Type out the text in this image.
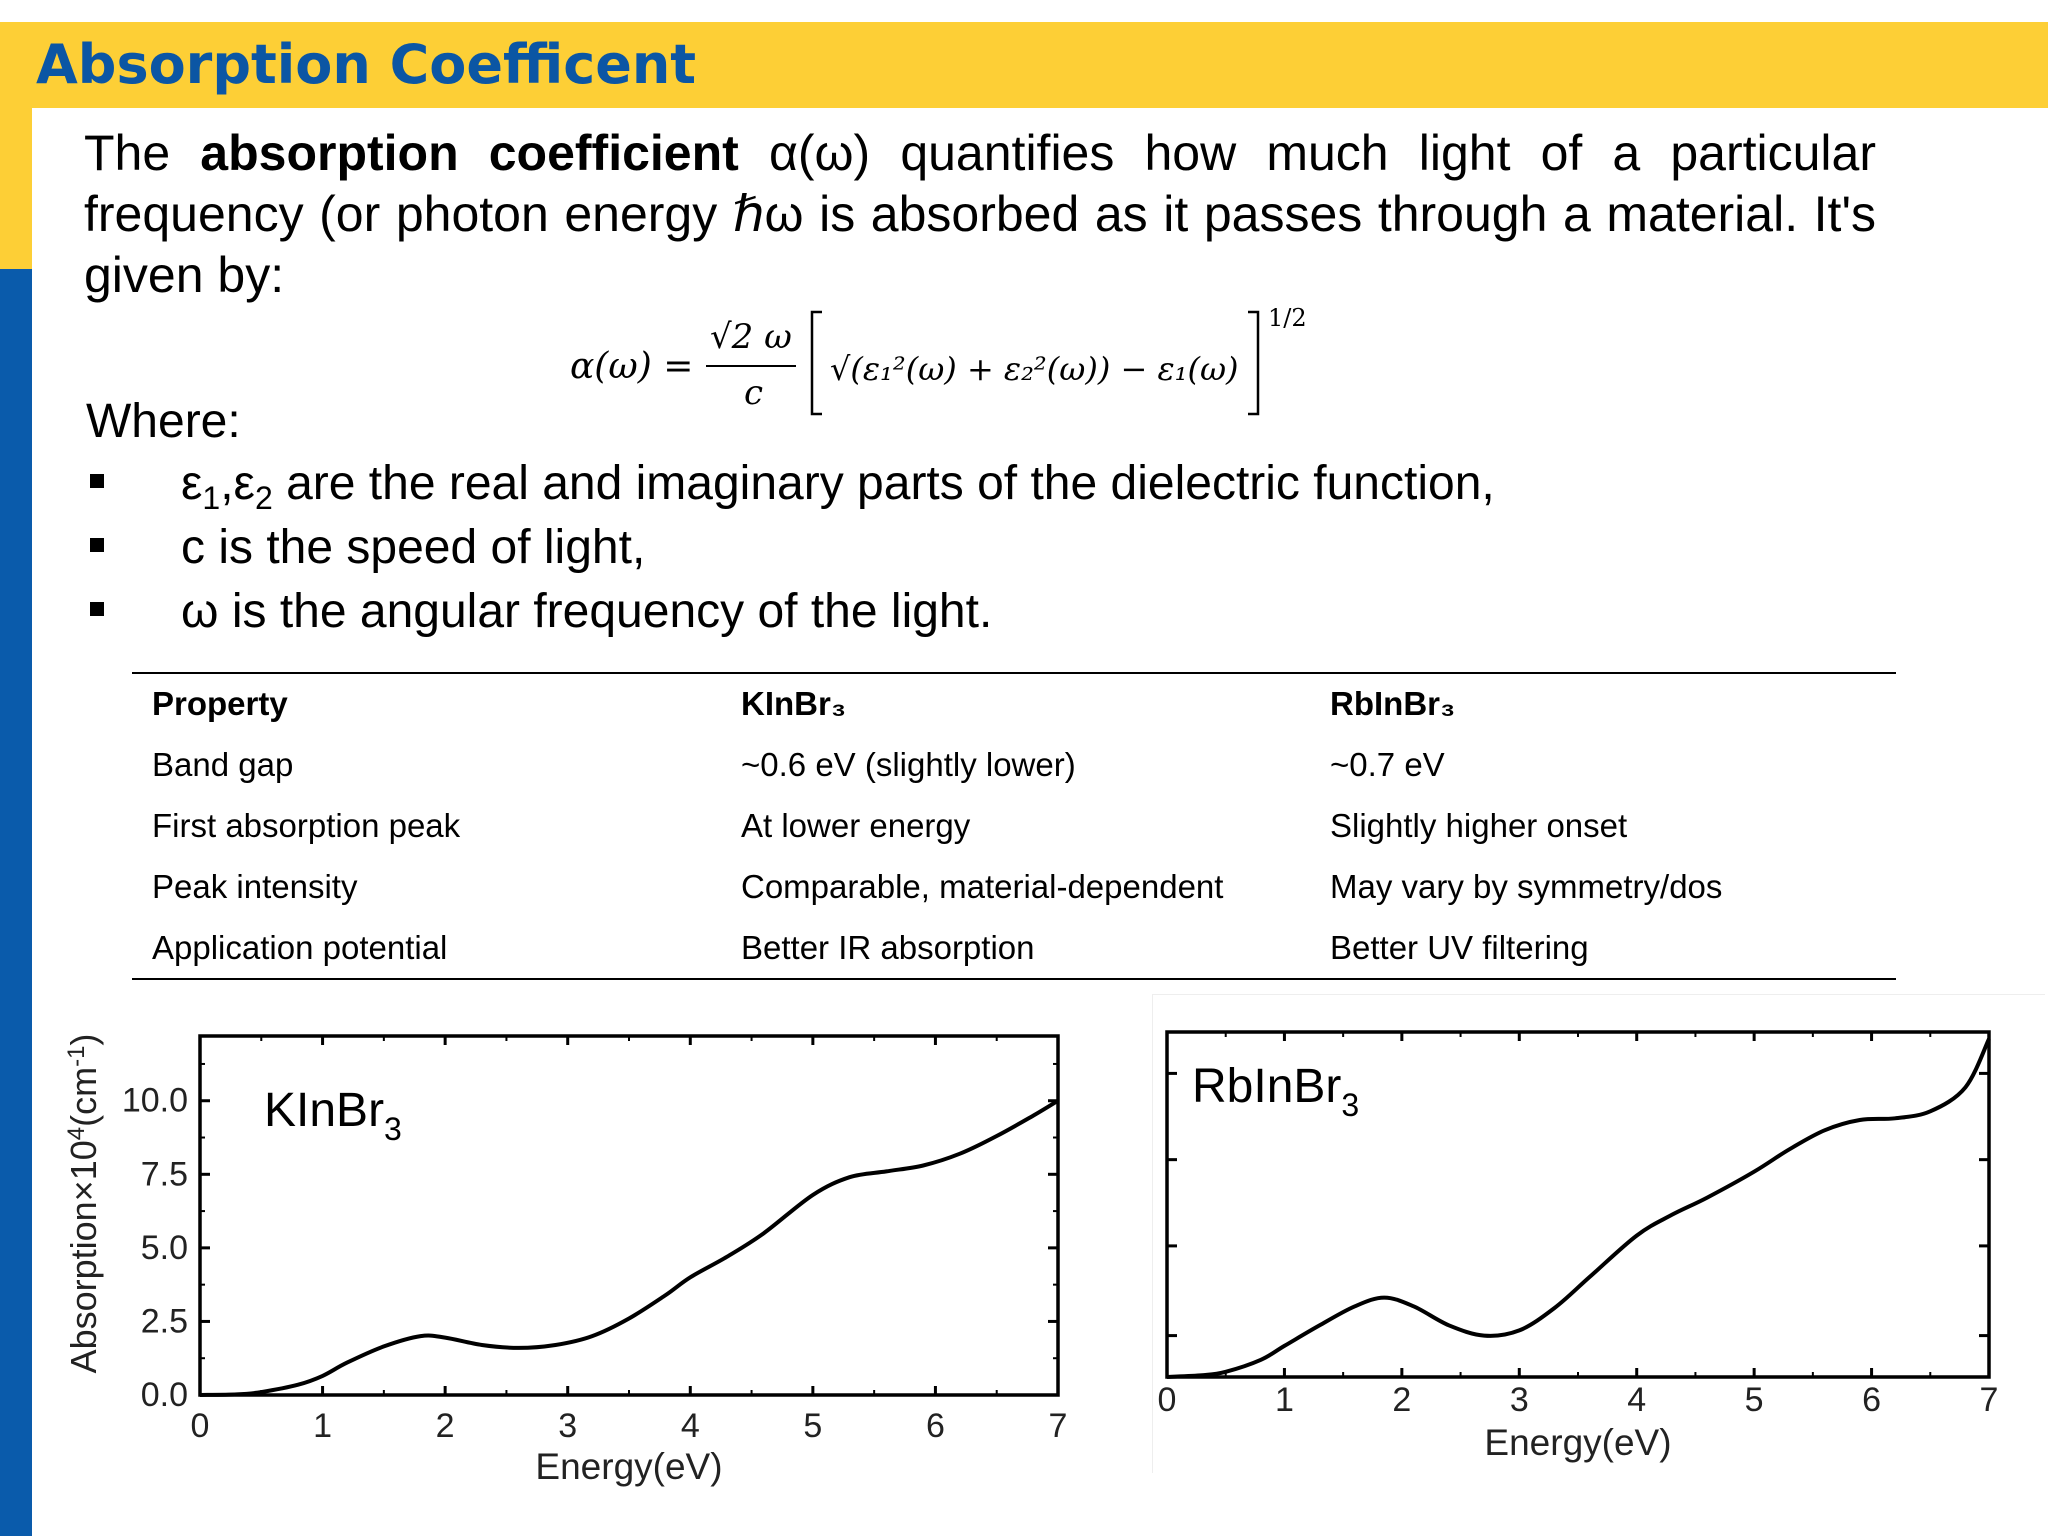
Absorption Coefficent

The absorption coefficient α(ω) quantifies how much light of a particular frequency (or photon energy ℏω is absorbed as it passes through a material. It's given by:

α(ω) =
√2 ω
c
√(ε₁²(ω) + ε₂²(ω)) − ε₁(ω)
1/2

Where:

$\varepsilon_1,\varepsilon_2$ are the real and imaginary parts of the dielectric function,
c is the speed of light,
ω is the angular frequency of the light.
Property	KInBr₃	RbInBr₃
Band gap	~0.6 eV (slightly lower)	~0.7 eV
First absorption peak	At lower energy	Slightly higher onset
Peak intensity	Comparable, material-dependent	May vary by symmetry/dos
Application potential	Better IR absorption	Better UV filtering
0	1	2	3	4	5	6	7
0.0
2.5
5.0
7.5
10.0 KInBr$_3$
Energy(eV)
$Absorption\times 10^4(cm^{-1})$
0	1	2	3	4	5	6	7
RbInBr$_3$
Energy(eV)
